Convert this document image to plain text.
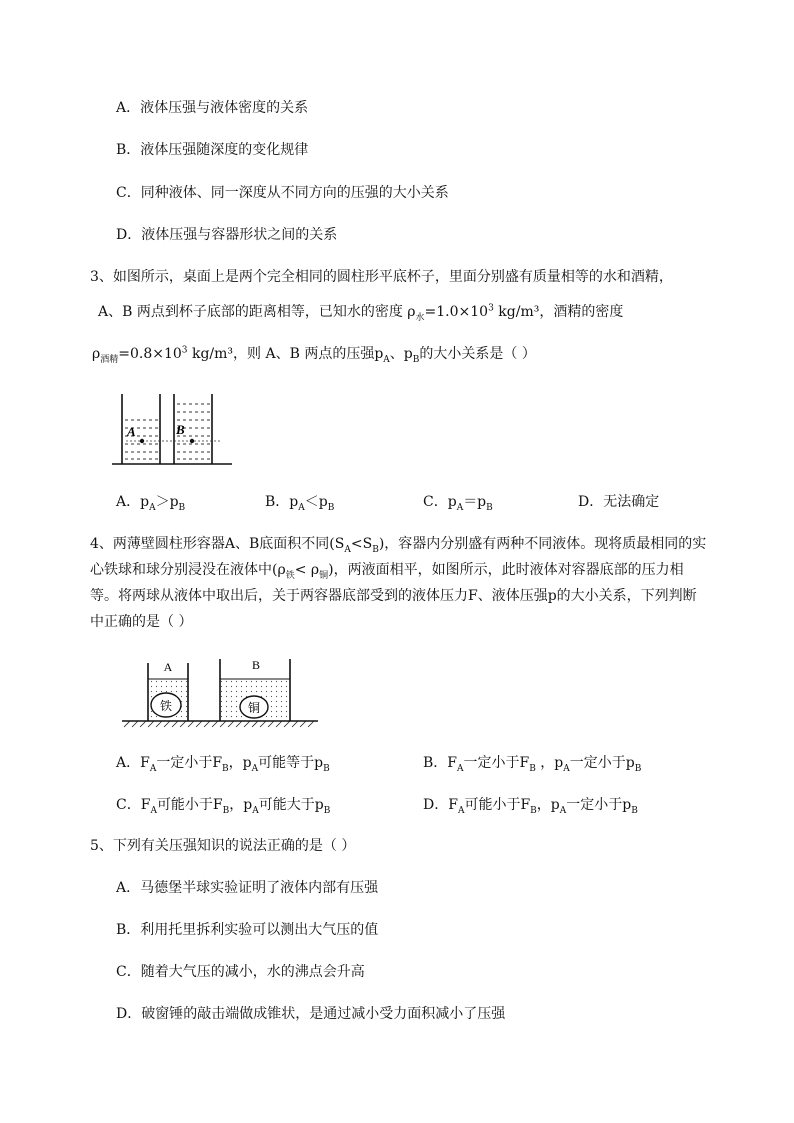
A．液体压强与液体密度的关系
B．液体压强随深度的变化规律
C．同种液体、同一深度从不同方向的压强的大小关系
D．液体压强与容器形状之间的关系
3、如图所示，桌面上是两个完全相同的圆柱形平底杯子，里面分别盛有质量相等的水和酒精，
A、B 两点到杯子底部的距离相等，已知水的密度 $\rho_水=1.0\times 10^3$ kg/m³，酒精的密度
$\rho_{酒精}=0.8\times 10^3$ kg/m³，则 A、B 两点的压强$p_A$、$p_B$的大小关系是（ ）
A	B
A．$p_A>p_B$	B．$p_A<p_B$	C．$p_A=p_B$	D．无法确定
4、两薄壁圆柱形容器A、B底面积不同$(S_A<S_B)$，容器内分别盛有两种不同液体。现将质最相同的实
心铁球和球分别浸没在液体中$(\rho_铁< \rho_铜)$，两液面相平，如图所示，此时液体对容器底部的压力相
等。将两球从液体中取出后，关于两容器底部受到的液体压力F、液体压强p的大小关系，下列判断
中正确的是（ ）
铁
A
铜
B
A．$F_A$一定小于$F_B$，$p_A$可能等于$p_B$	B．$F_A$一定小于$F_B$ ，$p_A$一定小于$p_B$
C．$F_A$可能小于$F_B$，$p_A$可能大于$p_B$	D．$F_A$可能小于$F_B$，$p_A$一定小于$p_B$
5、下列有关压强知识的说法正确的是（ ）
A．马德堡半球实验证明了液体内部有压强
B．利用托里拆利实验可以测出大气压的值
C．随着大气压的减小，水的沸点会升高
D．破窗锤的敲击端做成锥状，是通过减小受力面积减小了压强
